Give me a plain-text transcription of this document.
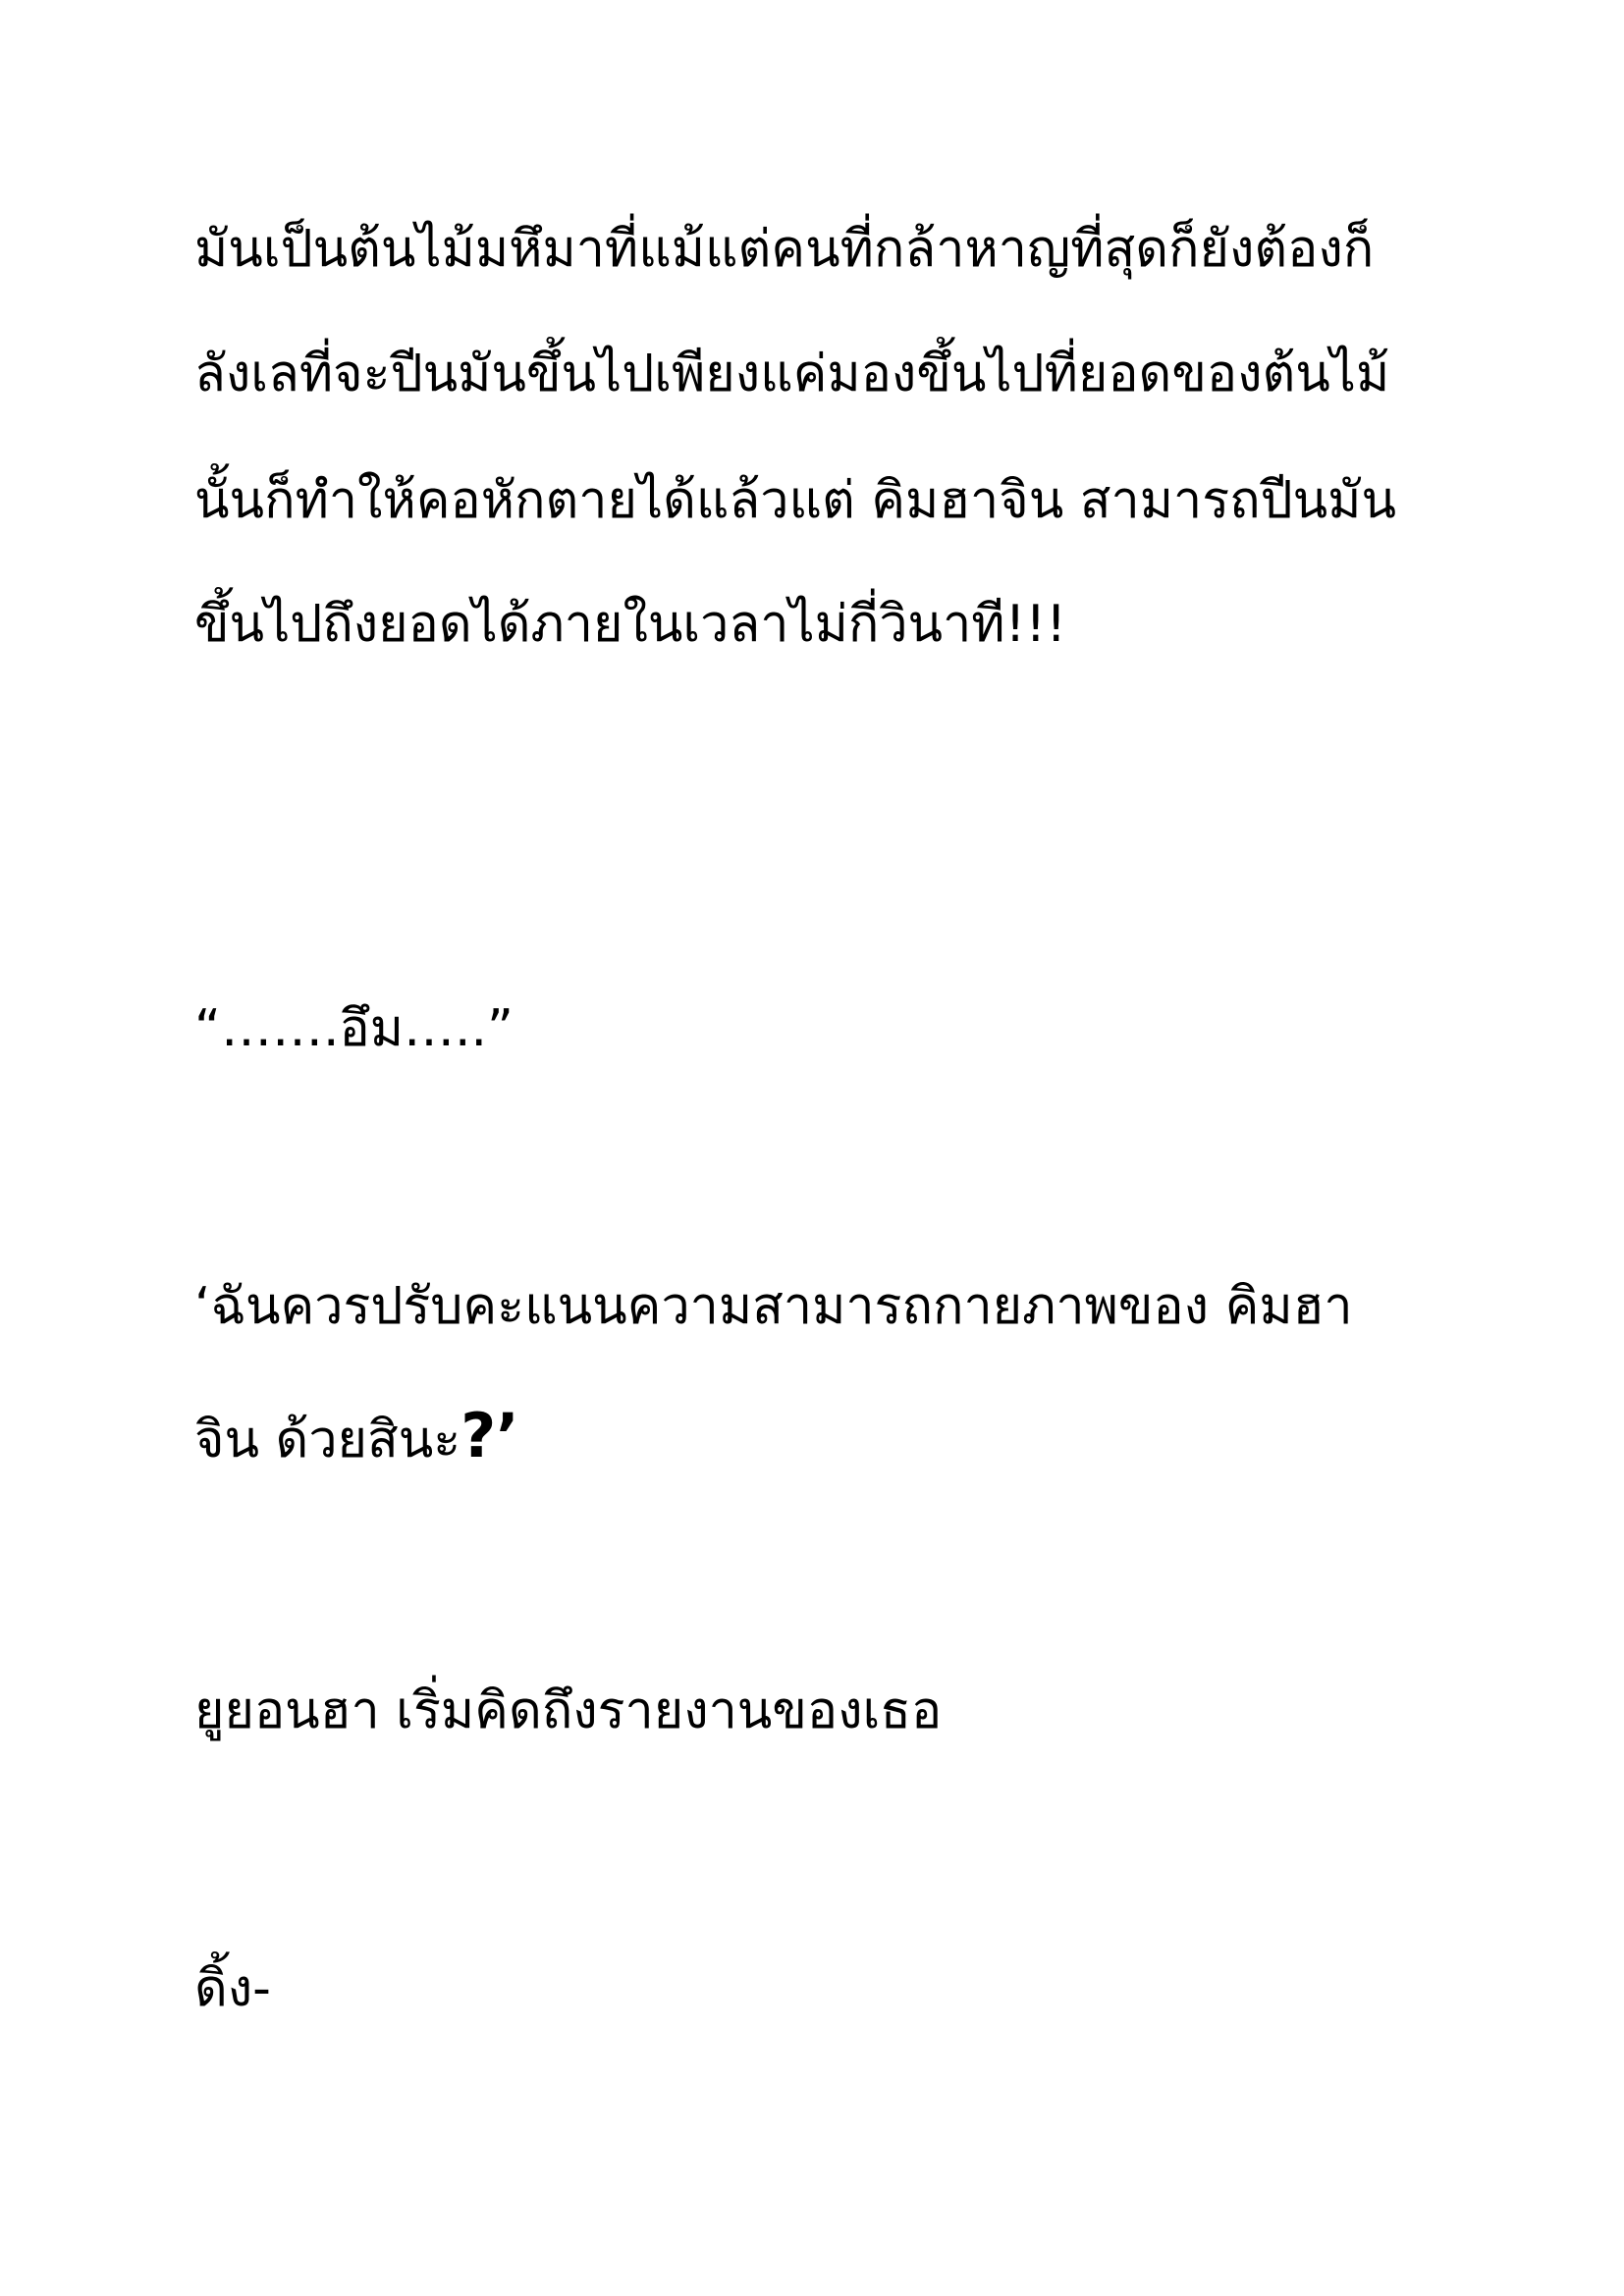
มันเป็นต้นไม้มหึมาที่แม้แต่คนที่กล้าหาญที่สุดก็ยังต้องก็
ลังเลที่จะปีนมันขึ้นไปเพียงแค่มองขึ้นไปที่ยอดของต้นไม้
นั้นก็ทำให้คอหักตายได้แล้วแต่ คิมฮาจิน สามารถปีนมัน
ขึ้นไปถึงยอดได้ภายในเวลาไม่กี่วินาที!!!
“…….อึม…..”
‘ฉันควรปรับคะแนนความสามารถกายภาพของ คิมฮา
จิน ด้วยสินะ?’
ยูยอนฮา เริ่มคิดถึงรายงานของเธอ
ดิ้ง-
